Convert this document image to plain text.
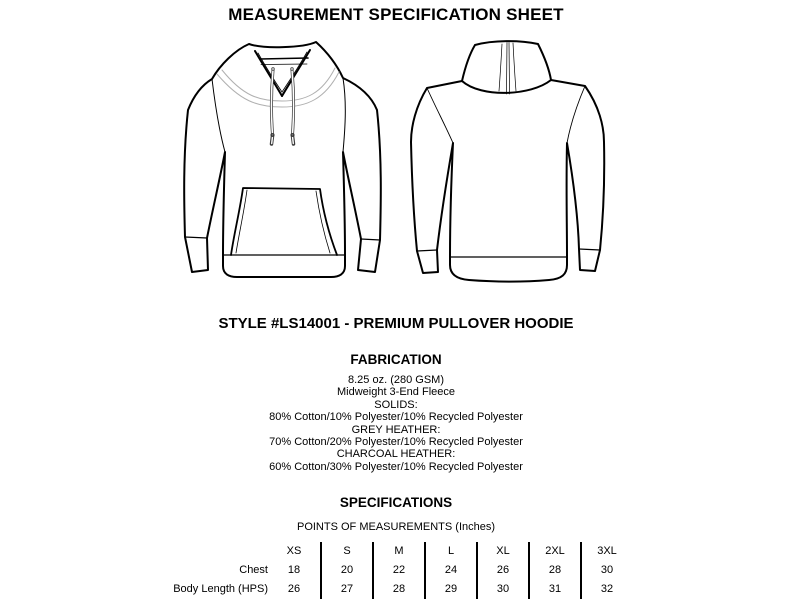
MEASUREMENT SPECIFICATION SHEET
STYLE #LS14001 - PREMIUM PULLOVER HOODIE
FABRICATION
8.25 oz. (280 GSM)
Midweight 3-End Fleece
SOLIDS:
80% Cotton/10% Polyester/10% Recycled Polyester
GREY HEATHER:
70% Cotton/20% Polyester/10% Recycled Polyester
CHARCOAL HEATHER:
60% Cotton/30% Polyester/10% Recycled Polyester
SPECIFICATIONS
POINTS OF MEASUREMENTS (Inches)
Chest
Body Length (HPS)
XS
18
26
S
20
27
M
22
28
L
24
29
XL
26
30
2XL
28
31
3XL
30
32
